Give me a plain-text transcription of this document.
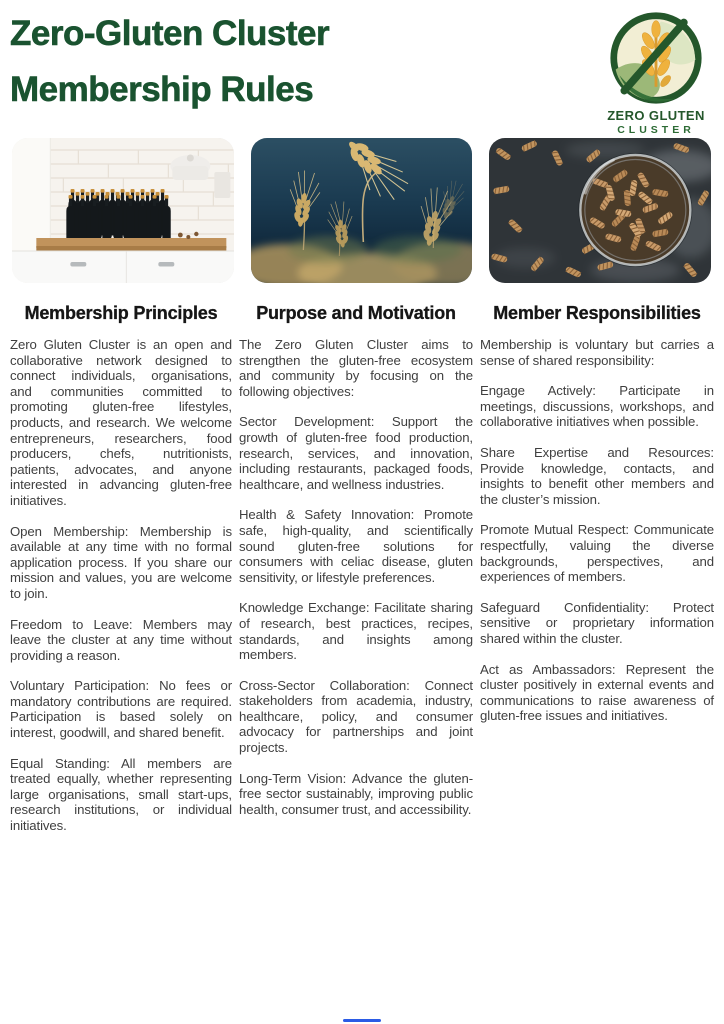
Zero-Gluten Cluster
Membership Rules
ZERO GLUTEN
CLUSTER
Membership Principles

Zero Gluten Cluster is an open and collaborative network designed to connect individuals, organisations, and communities committed to promoting gluten-free lifestyles, products, and research. We welcome entrepreneurs, researchers, food producers, chefs, nutritionists, patients, advocates, and anyone interested in advancing gluten-free initiatives.

Open Membership: Membership is available at any time with no formal application process. If you share our mission and values, you are welcome to join.

Freedom to Leave: Members may leave the cluster at any time without providing a reason.

Voluntary Participation: No fees or mandatory contributions are required. Participation is based solely on interest, goodwill, and shared benefit.

Equal Standing: All members are treated equally, whether representing large organisations, small start-ups, research institutions, or individual initiatives.

Purpose and Motivation

The Zero Gluten Cluster aims to strengthen the gluten-free ecosystem and community by focusing on the following objectives:

Sector Development: Support the growth of gluten-free food production, research, services, and innovation, including restaurants, packaged foods, healthcare, and wellness industries.

Health & Safety Innovation: Promote safe, high-quality, and scientifically sound gluten-free solutions for consumers with celiac disease, gluten sensitivity, or lifestyle preferences.

Knowledge Exchange: Facilitate sharing of research, best practices, recipes, standards, and insights among members.

Cross-Sector Collaboration: Connect stakeholders from academia, industry, healthcare, policy, and consumer advocacy for partnerships and joint projects.

Long-Term Vision: Advance the gluten-free sector sustainably, improving public health, consumer trust, and accessibility.

Member Responsibilities

Membership is voluntary but carries a sense of shared responsibility:

Engage Actively: Participate in meetings, discussions, workshops, and collaborative initiatives when possible.

Share Expertise and Resources: Provide knowledge, contacts, and insights to benefit other members and the cluster’s mission.

Promote Mutual Respect: Communicate respectfully, valuing the diverse backgrounds, perspectives, and experiences of members.

Safeguard Confidentiality: Protect sensitive or proprietary information shared within the cluster.

Act as Ambassadors: Represent the cluster positively in external events and communications to raise awareness of gluten-free issues and initiatives.
